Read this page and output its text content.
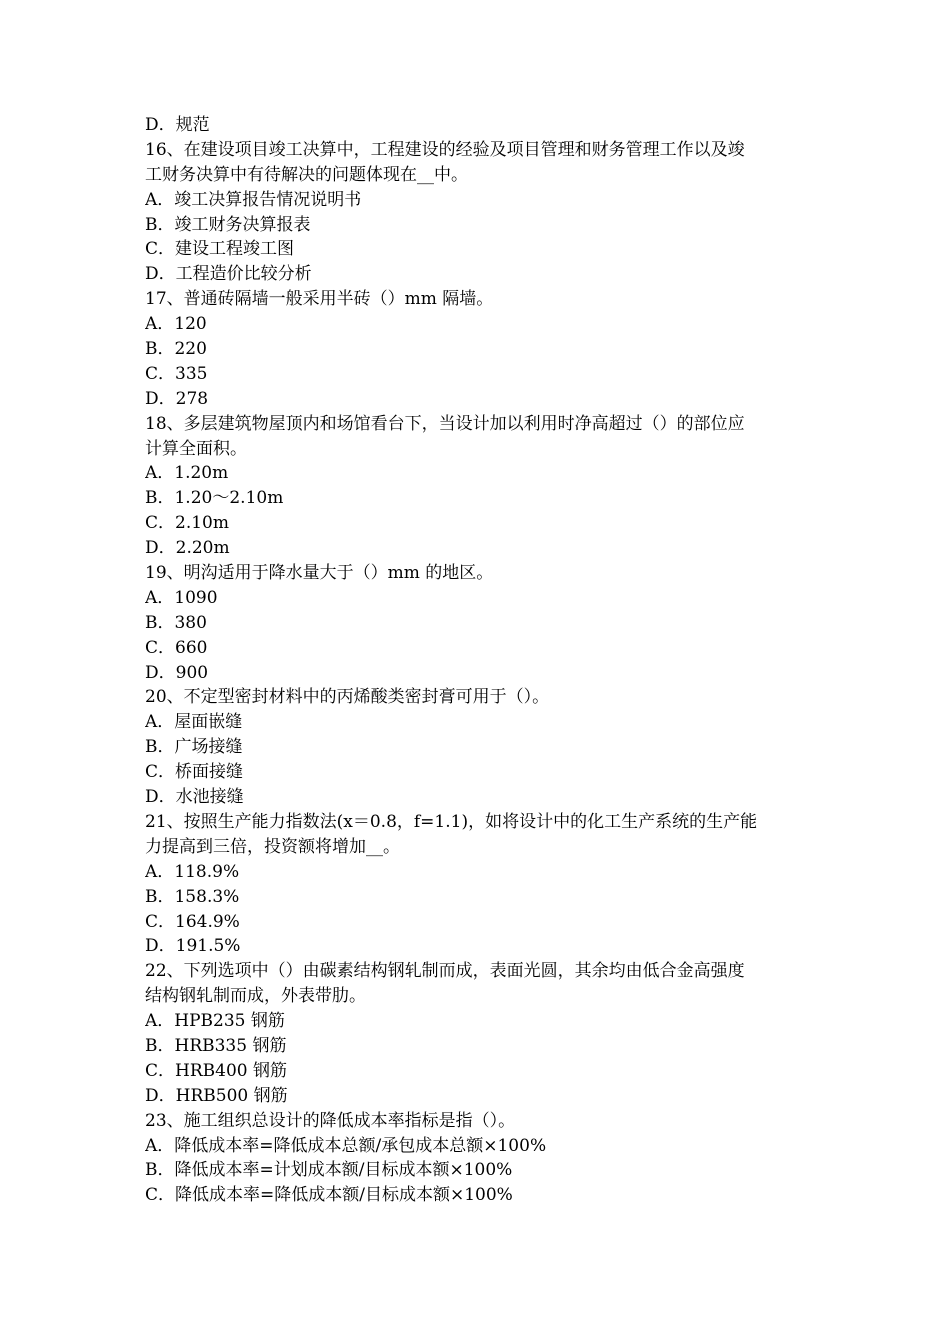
D．规范
16、在建设项目竣工决算中，工程建设的经验及项目管理和财务管理工作以及竣
工财务决算中有待解决的问题体现在__中。
A．竣工决算报告情况说明书
B．竣工财务决算报表
C．建设工程竣工图
D．工程造价比较分析
17、普通砖隔墙一般采用半砖（）mm 隔墙。
A．120
B．220
C．335
D．278
18、多层建筑物屋顶内和场馆看台下，当设计加以利用时净高超过（）的部位应
计算全面积。
A．1.20m
B．1.20～2.10m
C．2.10m
D．2.20m
19、明沟适用于降水量大于（）mm 的地区。
A．1090
B．380
C．660
D．900
20、不定型密封材料中的丙烯酸类密封膏可用于（）。
A．屋面嵌缝
B．广场接缝
C．桥面接缝
D．水池接缝
21、按照生产能力指数法(x＝0.8，f=1.1)，如将设计中的化工生产系统的生产能
力提高到三倍，投资额将增加__。
A．118.9%
B．158.3%
C．164.9%
D．191.5%
22、下列选项中（）由碳素结构钢轧制而成，表面光圆，其余均由低合金高强度
结构钢轧制而成，外表带肋。
A．HPB235 钢筋
B．HRB335 钢筋
C．HRB400 钢筋
D．HRB500 钢筋
23、施工组织总设计的降低成本率指标是指（）。
A．降低成本率=降低成本总额/承包成本总额×100%
B．降低成本率=计划成本额/目标成本额×100%
C．降低成本率=降低成本额/目标成本额×100%
